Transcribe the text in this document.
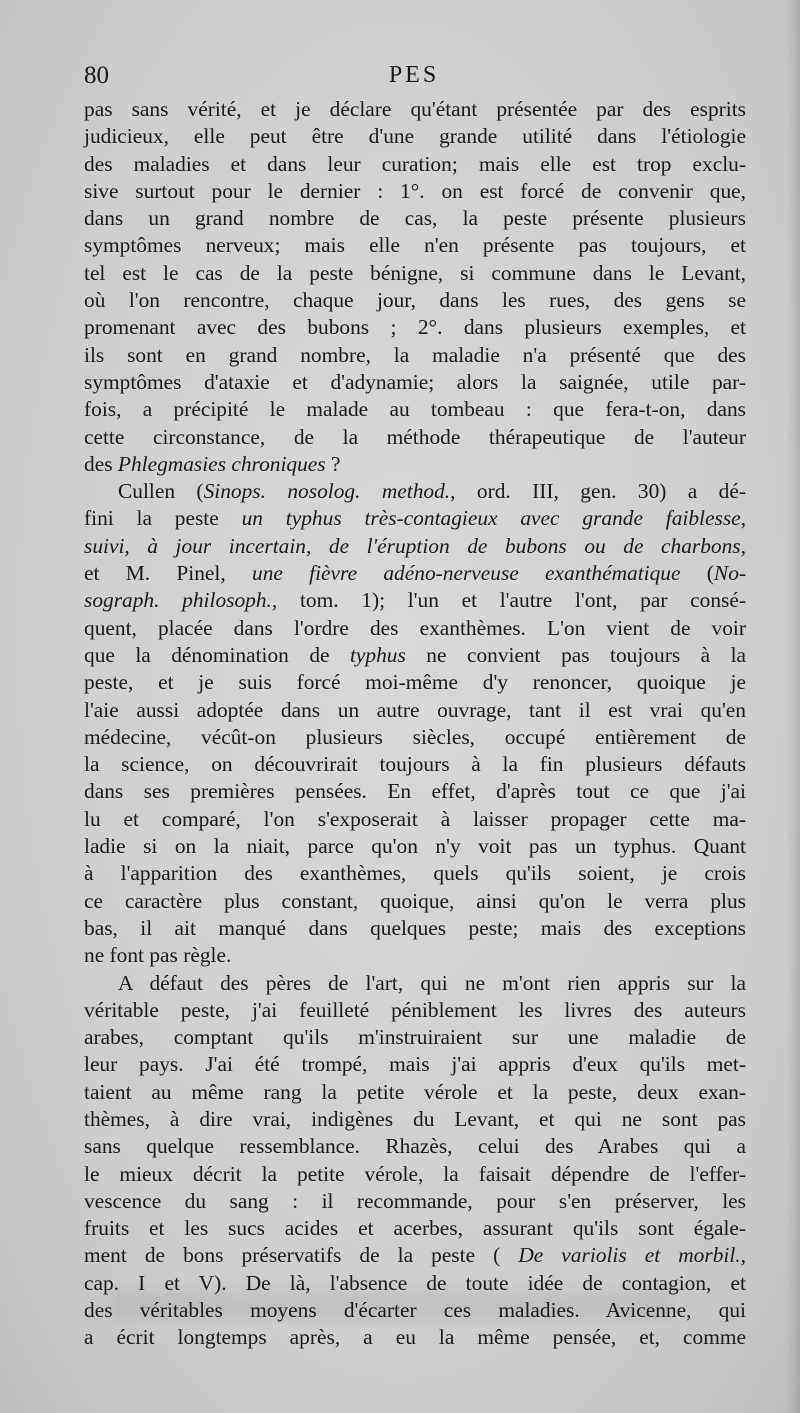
80	PES
pas sans vérité, et je déclare qu'étant présentée par des esprits
judicieux, elle peut être d'une grande utilité dans l'étiologie
des maladies et dans leur curation; mais elle est trop exclu-
sive surtout pour le dernier : 1°. on est forcé de convenir que,
dans un grand nombre de cas, la peste présente plusieurs
symptômes nerveux; mais elle n'en présente pas toujours, et
tel est le cas de la peste bénigne, si commune dans le Levant,
où l'on rencontre, chaque jour, dans les rues, des gens se
promenant avec des bubons ; 2°. dans plusieurs exemples, et
ils sont en grand nombre, la maladie n'a présenté que des
symptômes d'ataxie et d'adynamie; alors la saignée, utile par-
fois, a précipité le malade au tombeau : que fera-t-on, dans
cette circonstance, de la méthode thérapeutique de l'auteur
des Phlegmasies chroniques ?
Cullen (Sinops. nosolog. method., ord. III, gen. 30) a dé-
fini la peste un typhus très-contagieux avec grande faiblesse,
suivi, à jour incertain, de l'éruption de bubons ou de charbons,
et M. Pinel, une fièvre adéno-nerveuse exanthématique (No-
sograph. philosoph., tom. 1); l'un et l'autre l'ont, par consé-
quent, placée dans l'ordre des exanthèmes. L'on vient de voir
que la dénomination de typhus ne convient pas toujours à la
peste, et je suis forcé moi-même d'y renoncer, quoique je
l'aie aussi adoptée dans un autre ouvrage, tant il est vrai qu'en
médecine, vécût-on plusieurs siècles, occupé entièrement de
la science, on découvrirait toujours à la fin plusieurs défauts
dans ses premières pensées. En effet, d'après tout ce que j'ai
lu et comparé, l'on s'exposerait à laisser propager cette ma-
ladie si on la niait, parce qu'on n'y voit pas un typhus. Quant
à l'apparition des exanthèmes, quels qu'ils soient, je crois
ce caractère plus constant, quoique, ainsi qu'on le verra plus
bas, il ait manqué dans quelques peste; mais des exceptions
ne font pas règle.
A défaut des pères de l'art, qui ne m'ont rien appris sur la
véritable peste, j'ai feuilleté péniblement les livres des auteurs
arabes, comptant qu'ils m'instruiraient sur une maladie de
leur pays. J'ai été trompé, mais j'ai appris d'eux qu'ils met-
taient au même rang la petite vérole et la peste, deux exan-
thèmes, à dire vrai, indigènes du Levant, et qui ne sont pas
sans quelque ressemblance. Rhazès, celui des Arabes qui a
le mieux décrit la petite vérole, la faisait dépendre de l'effer-
vescence du sang : il recommande, pour s'en préserver, les
fruits et les sucs acides et acerbes, assurant qu'ils sont égale-
ment de bons préservatifs de la peste ( De variolis et morbil.,
cap. I et V). De là, l'absence de toute idée de contagion, et
des véritables moyens d'écarter ces maladies. Avicenne, qui
a écrit longtemps après, a eu la même pensée, et, comme
